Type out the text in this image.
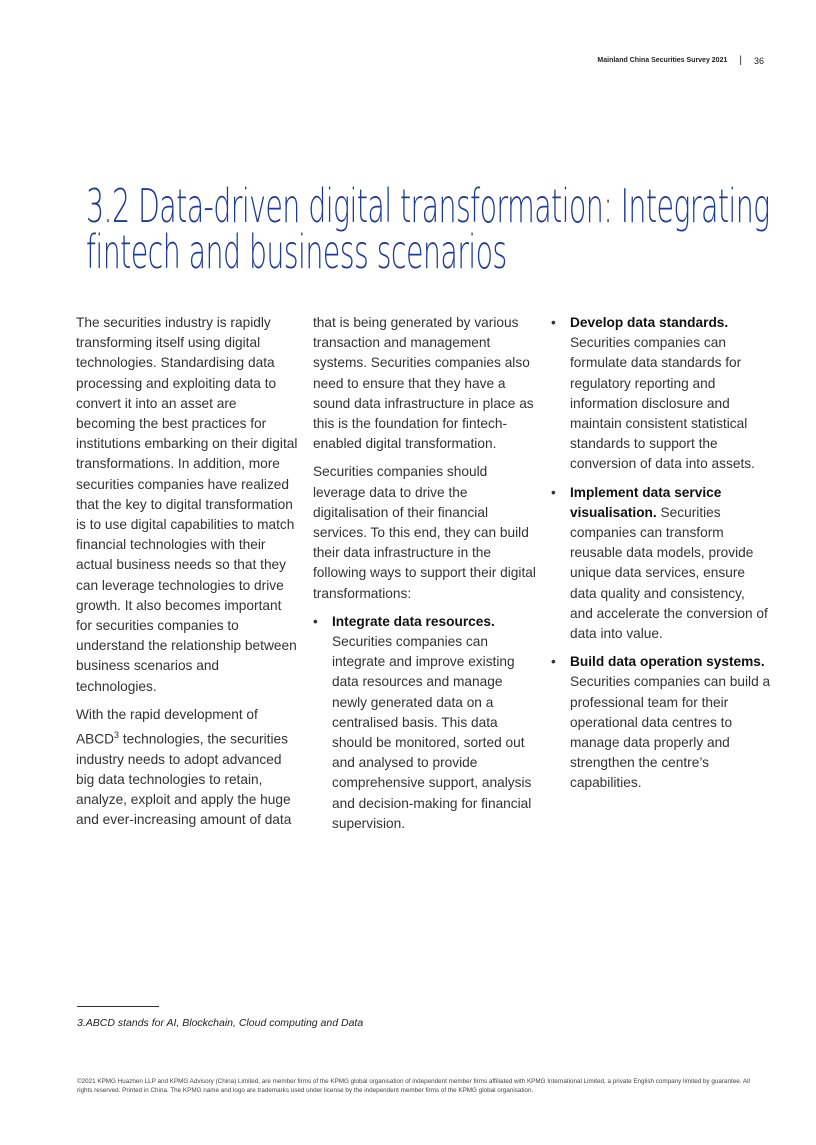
Mainland China Securities Survey 2021 | 36
3.2 Data-driven digital transformation: Integrating
fintech and business scenarios

The securities industry is rapidly transforming itself using digital technologies. Standardising data processing and exploiting data to convert it into an asset are becoming the best practices for institutions embarking on their digital transformations. In addition, more securities companies have realized that the key to digital transformation is to use digital capabilities to match financial technologies with their actual business needs so that they can leverage technologies to drive growth. It also becomes important for securities companies to understand the relationship between business scenarios and technologies.

With the rapid development of ABCD$^3$ technologies, the securities industry needs to adopt advanced big data technologies to retain, analyze, exploit and apply the huge and ever-increasing amount of data

that is being generated by various transaction and management systems. Securities companies also need to ensure that they have a sound data infrastructure in place as this is the foundation for fintech-enabled digital transformation.

Securities companies should leverage data to drive the digitalisation of their financial services. To this end, they can build their data infrastructure in the following ways to support their digital transformations:

• Integrate data resources.
Securities companies can integrate and improve existing data resources and manage newly generated data on a centralised basis. This data should be monitored, sorted out and analysed to provide comprehensive support, analysis and decision-making for financial supervision.
• Develop data standards.
Securities companies can formulate data standards for regulatory reporting and information disclosure and maintain consistent statistical standards to support the conversion of data into assets.
• Implement data service visualisation. Securities companies can transform reusable data models, provide unique data services, ensure data quality and consistency, and accelerate the conversion of data into value.
• Build data operation systems.
Securities companies can build a professional team for their operational data centres to manage data properly and strengthen the centre’s capabilities.
3.ABCD stands for AI, Blockchain, Cloud computing and Data
©2021 KPMG Huazhen LLP and KPMG Advisory (China) Limited, are member firms of the KPMG global organisation of independent member firms affiliated with KPMG International Limited, a private English company limited by guarantee. All rights reserved. Printed in China. The KPMG name and logo are trademarks used under license by the independent member firms of the KPMG global organisation.
